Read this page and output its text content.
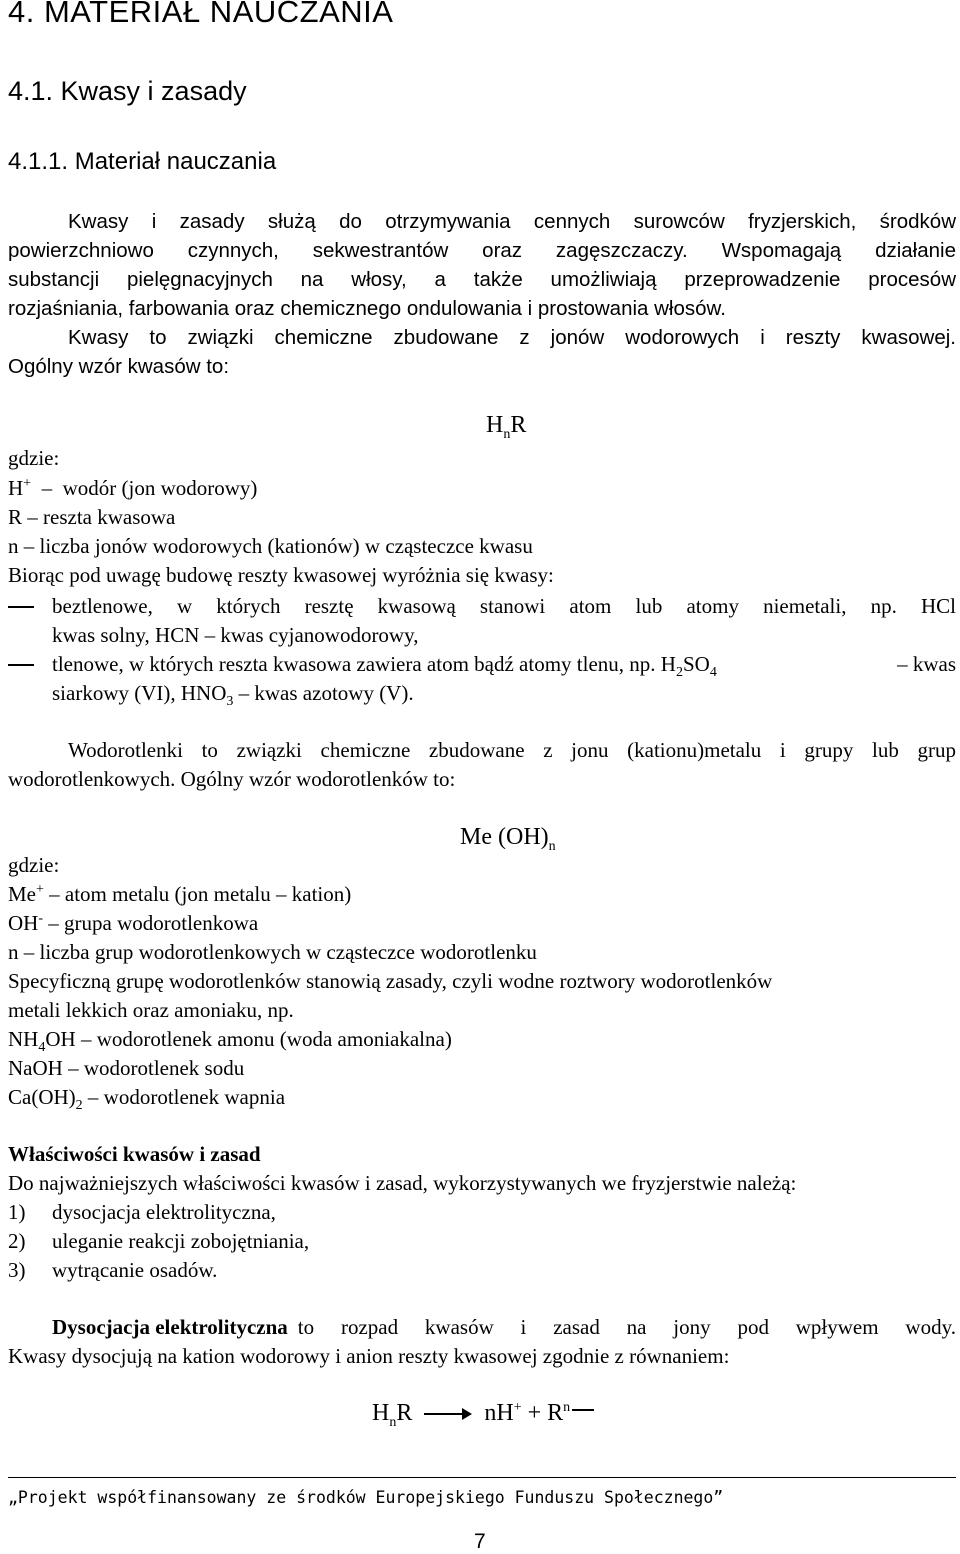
4. MATERIAŁ NAUCZANIA
4.1. Kwasy i zasady
4.1.1. Materiał nauczania
Kwasy i zasady służą do otrzymywania cennych surowców fryzjerskich, środków
powierzchniowo czynnych, sekwestrantów oraz zagęszczaczy. Wspomagają działanie
substancji pielęgnacyjnych na włosy, a także umożliwiają przeprowadzenie procesów
rozjaśniania, farbowania oraz chemicznego ondulowania i prostowania włosów.
Kwasy to związki chemiczne zbudowane z jonów wodorowych i reszty kwasowej.
Ogólny wzór kwasów to:
$H_nR$
gdzie:
H+  –  wodór (jon wodorowy)
R – reszta kwasowa
n – liczba jonów wodorowych (kationów) w cząsteczce kwasu
Biorąc pod uwagę budowę reszty kwasowej wyróżnia się kwasy:
beztlenowe, w których resztę kwasową stanowi atom lub atomy niemetali, np. HCl
kwas solny, HCN – kwas cyjanowodorowy,
tlenowe, w których reszta kwasowa zawiera atom bądź atomy tlenu, np. $H_2SO_4$	– kwas
siarkowy (VI), $HNO_3$ – kwas azotowy (V).
Wodorotlenki to związki chemiczne zbudowane z jonu (kationu)metalu i grupy lub grup
wodorotlenkowych. Ogólny wzór wodorotlenków to:
Me $(OH)_n$
gdzie:
Me+ – atom metalu (jon metalu – kation)
OH- – grupa wodorotlenkowa
n – liczba grup wodorotlenkowych w cząsteczce wodorotlenku
Specyficzną grupę wodorotlenków stanowią zasady, czyli wodne roztwory wodorotlenków
metali lekkich oraz amoniaku, np.
$NH_4OH$ – wodorotlenek amonu (woda amoniakalna)
NaOH – wodorotlenek sodu
$Ca(OH)_2$ – wodorotlenek wapnia
Właściwości kwasów i zasad
Do najważniejszych właściwości kwasów i zasad, wykorzystywanych we fryzjerstwie należą:
1) dysocjacja elektrolityczna,
2) uleganie reakcji zobojętniania,
3) wytrącanie osadów.
Dysocjacja elektrolityczna to rozpad kwasów i zasad na jony pod wpływem wody.
Kwasy dysocjują na kation wodorowy i anion reszty kwasowej zgodnie z równaniem:
$H_nR$	$nH^+ + R^n$
„Projekt współfinansowany ze środków Europejskiego Funduszu Społecznego”
7
